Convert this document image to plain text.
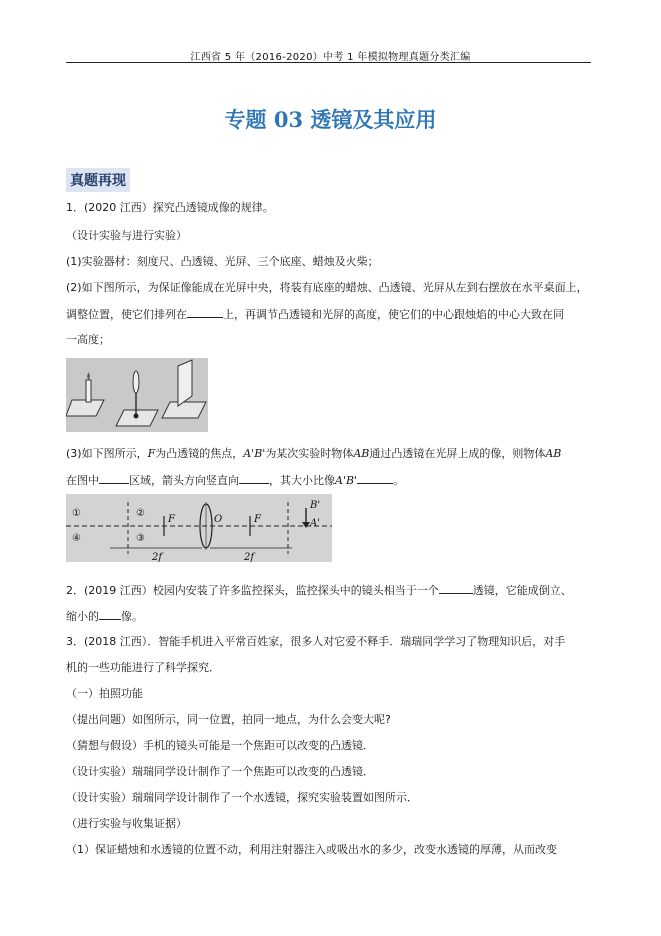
江西省 5 年（2016-2020）中考 1 年模拟物理真题分类汇编
专题 03 透镜及其应用
真题再现
1．(2020 江西）探究凸透镜成像的规律。
（设计实验与进行实验）
(1)实验器材：刻度尺、凸透镜、光屏、三个底座、蜡烛及火柴；
(2)如下图所示，为保证像能成在光屏中央，将装有底座的蜡烛、凸透镜、光屏从左到右摆放在水平桌面上，
调整位置，使它们排列在	上，再调节凸透镜和光屏的高度，使它们的中心跟烛焰的中心大致在同
一高度；
(3)如下图所示，F为凸透镜的焦点，A'B'为某次实验时物体AB通过凸透镜在光屏上成的像，则物体AB
在图中	区域，箭头方向竖直向	，其大小比像A'B'	。
①
④
②
③
F	O	F
B'
A'
2f	2f
2．(2019 江西）校园内安装了许多监控探头，监控探头中的镜头相当于一个	透镜，它能成倒立、
缩小的 像。
3．(2018 江西）．智能手机进入平常百姓家，很多人对它爱不释手．瑞瑞同学学习了物理知识后，对手
机的一些功能进行了科学探究．
（一）拍照功能
（提出问题）如图所示，同一位置，拍同一地点，为什么会变大呢?
（猜想与假设）手机的镜头可能是一个焦距可以改变的凸透镜．
（设计实验）瑞瑞同学设计制作了一个焦距可以改变的凸透镜．
（设计实验）瑞瑞同学设计制作了一个水透镜，探究实验装置如图所示．
（进行实验与收集证据）
（1）保证蜡烛和水透镜的位置不动，利用注射器注入或吸出水的多少，改变水透镜的厚薄，从而改变
